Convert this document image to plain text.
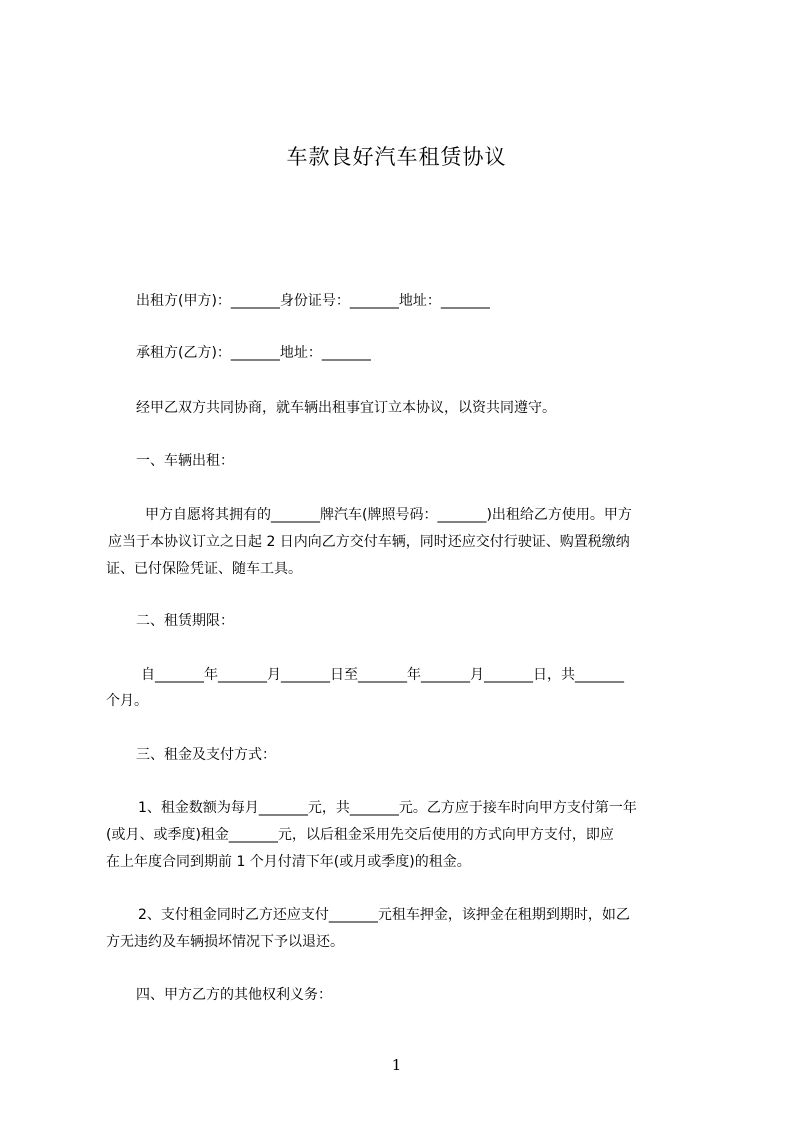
车款良好汽车租赁协议
出租方(甲方)：_______身份证号：_______地址：_______
承租方(乙方)：_______地址：_______
经甲乙双方共同协商，就车辆出租事宜订立本协议，以资共同遵守。
一、车辆出租：
甲方自愿将其拥有的_______牌汽车(牌照号码：_______)出租给乙方使用。甲方
应当于本协议订立之日起 2 日内向乙方交付车辆，同时还应交付行驶证、购置税缴纳
证、已付保险凭证、随车工具。
二、租赁期限：
自_______年_______月_______日至_______年_______月_______日，共_______
个月。
三、租金及支付方式：
1、租金数额为每月_______元，共_______元。乙方应于接车时向甲方支付第一年
(或月、或季度)租金_______元，以后租金采用先交后使用的方式向甲方支付，即应
在上年度合同到期前 1 个月付清下年(或月或季度)的租金。
2、支付租金同时乙方还应支付_______元租车押金，该押金在租期到期时，如乙
方无违约及车辆损坏情况下予以退还。
四、甲方乙方的其他权利义务：
1
